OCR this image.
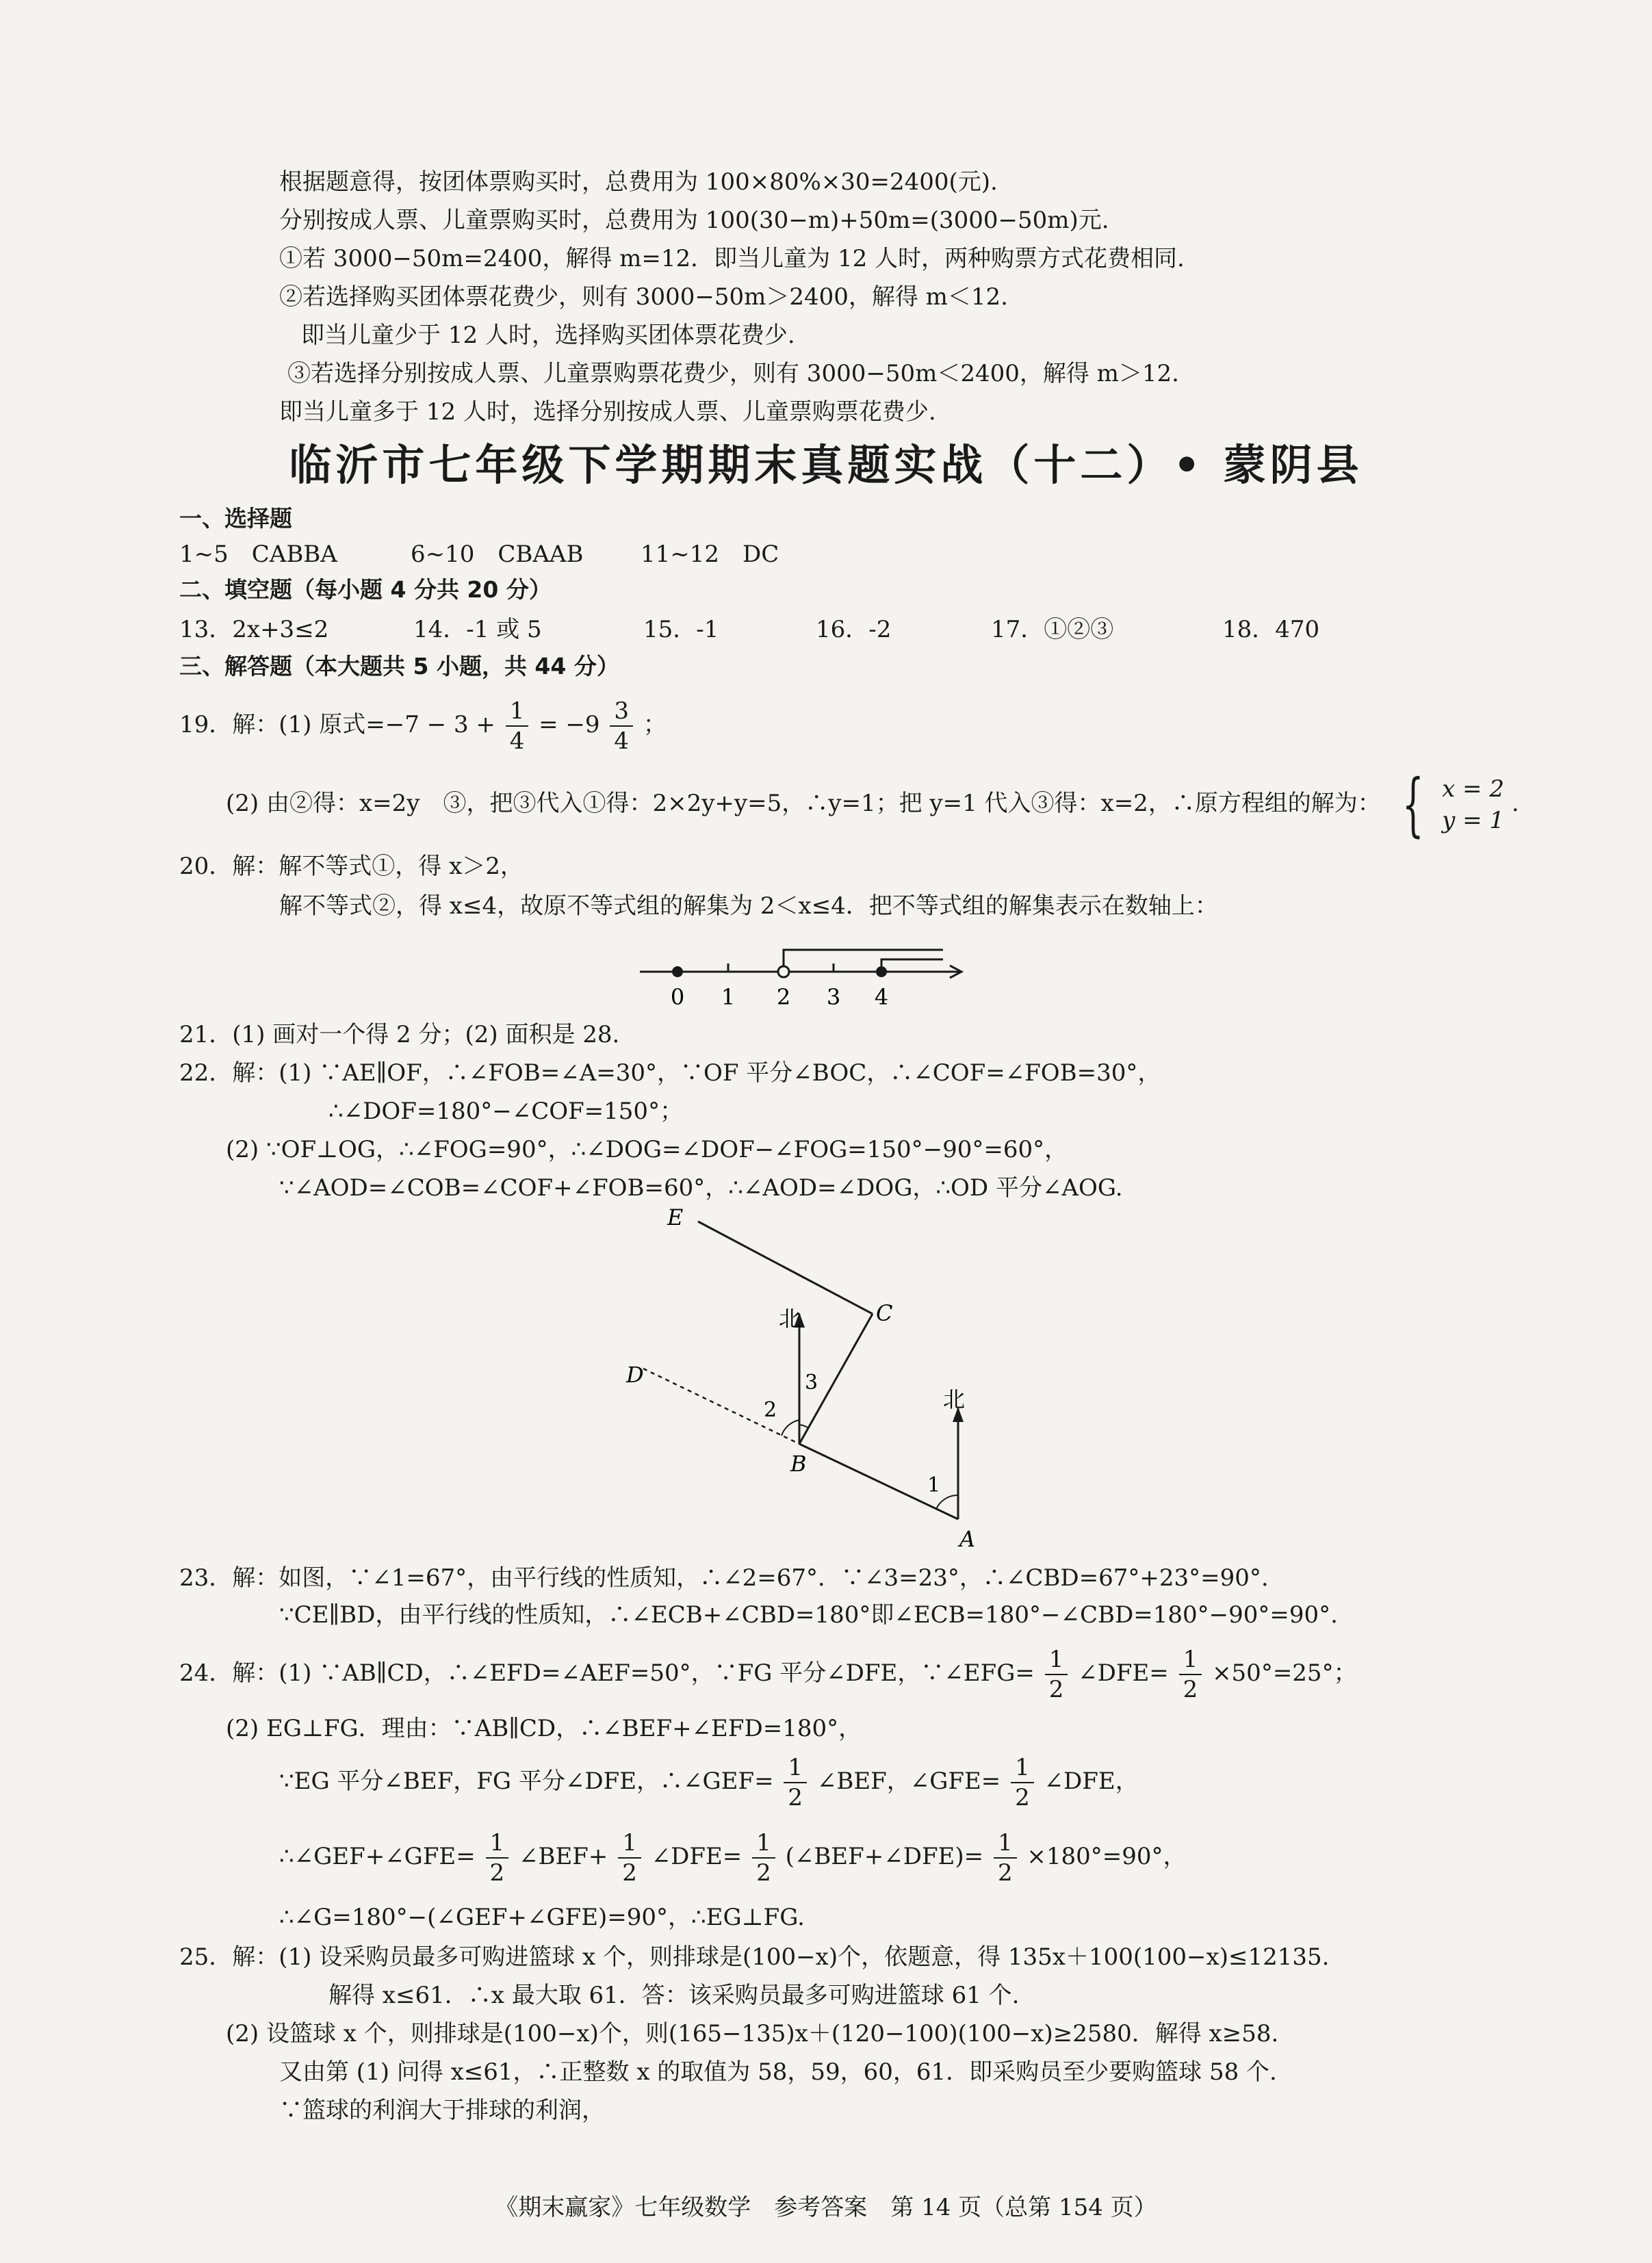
根据题意得，按团体票购买时，总费用为 100×80%×30=2400(元).
分别按成人票、儿童票购买时，总费用为 100(30−m)+50m=(3000−50m)元.
①若 3000−50m=2400，解得 m=12．即当儿童为 12 人时，两种购票方式花费相同.
②若选择购买团体票花费少，则有 3000−50m＞2400，解得 m＜12.
即当儿童少于 12 人时，选择购买团体票花费少.
③若选择分别按成人票、儿童票购票花费少，则有 3000−50m＜2400，解得 m＞12.
即当儿童多于 12 人时，选择分别按成人票、儿童票购票花费少.
临沂市七年级下学期期末真题实战（十二）• 蒙阴县
一、选择题
1~5　CABBA	6~10　CBAAB 11~12　DC
二、填空题（每小题 4 分共 20 分）
13．2x+3≤2	14．-1 或 5	15．-1	16．-2	17．①②③	18．470
三、解答题（本大题共 5 小题，共 44 分）
19．解：(1) 原式$=-7 - 3 + \frac{1}{4} = -9 \frac{3}{4}$ ；
(2) 由②得：x=2y　③，把③代入①得：2×2y+y=5，∴y=1；把 y=1 代入③得：x=2，∴原方程组的解为： { x = 2
y = 1
.
20．解：解不等式①，得 x＞2，
解不等式②，得 x≤4，故原不等式组的解集为 2＜x≤4．把不等式组的解集表示在数轴上：
0 1 2 3 4
21．(1) 画对一个得 2 分；(2) 面积是 28.
22．解：(1) ∵AE∥OF，∴∠FOB=∠A=30°，∵OF 平分∠BOC，∴∠COF=∠FOB=30°，
∴∠DOF=180°−∠COF=150°；
(2) ∵OF⊥OG，∴∠FOG=90°，∴∠DOG=∠DOF−∠FOG=150°−90°=60°，
∵∠AOD=∠COB=∠COF+∠FOB=60°，∴∠AOD=∠DOG，∴OD 平分∠AOG.
E
C
D
B
A
北
北
3
2
1
23．解：如图，∵∠1=67°，由平行线的性质知，∴∠2=67°．∵∠3=23°，∴∠CBD=67°+23°=90°.
∵CE∥BD，由平行线的性质知，∴∠ECB+∠CBD=180°即∠ECB=180°−∠CBD=180°−90°=90°.
24．解：(1) ∵AB∥CD，∴∠EFD=∠AEF=50°，∵FG 平分∠DFE，∵∠EFG= $\frac{1}{2}$ ∠DFE= $\frac{1}{2} \times 50^\circ=25^\circ$；
(2) EG⊥FG．理由：∵AB∥CD，∴∠BEF+∠EFD=180°，
∵EG 平分∠BEF，FG 平分∠DFE，∴∠GEF= $\frac{1}{2}$ ∠BEF，∠GFE= $\frac{1}{2}$ ∠DFE，
∴∠GEF+∠GFE= $\frac{1}{2}$ ∠BEF+ $\frac{1}{2}$ ∠DFE= $\frac{1}{2}$ (∠BEF+∠DFE)= $\frac{1}{2} \times 180^\circ=90^\circ$，
∴∠G=180°−(∠GEF+∠GFE)=90°，∴EG⊥FG.
25．解：(1) 设采购员最多可购进篮球 x 个，则排球是(100−x)个，依题意，得 135x＋100(100−x)≤12135.
解得 x≤61．∴x 最大取 61．答：该采购员最多可购进篮球 61 个.
(2) 设篮球 x 个，则排球是(100−x)个，则(165−135)x＋(120−100)(100−x)≥2580．解得 x≥58.
又由第 (1) 问得 x≤61，∴正整数 x 的取值为 58，59，60，61．即采购员至少要购篮球 58 个.
∵篮球的利润大于排球的利润，
《期末赢家》七年级数学　参考答案　第 14 页（总第 154 页）
